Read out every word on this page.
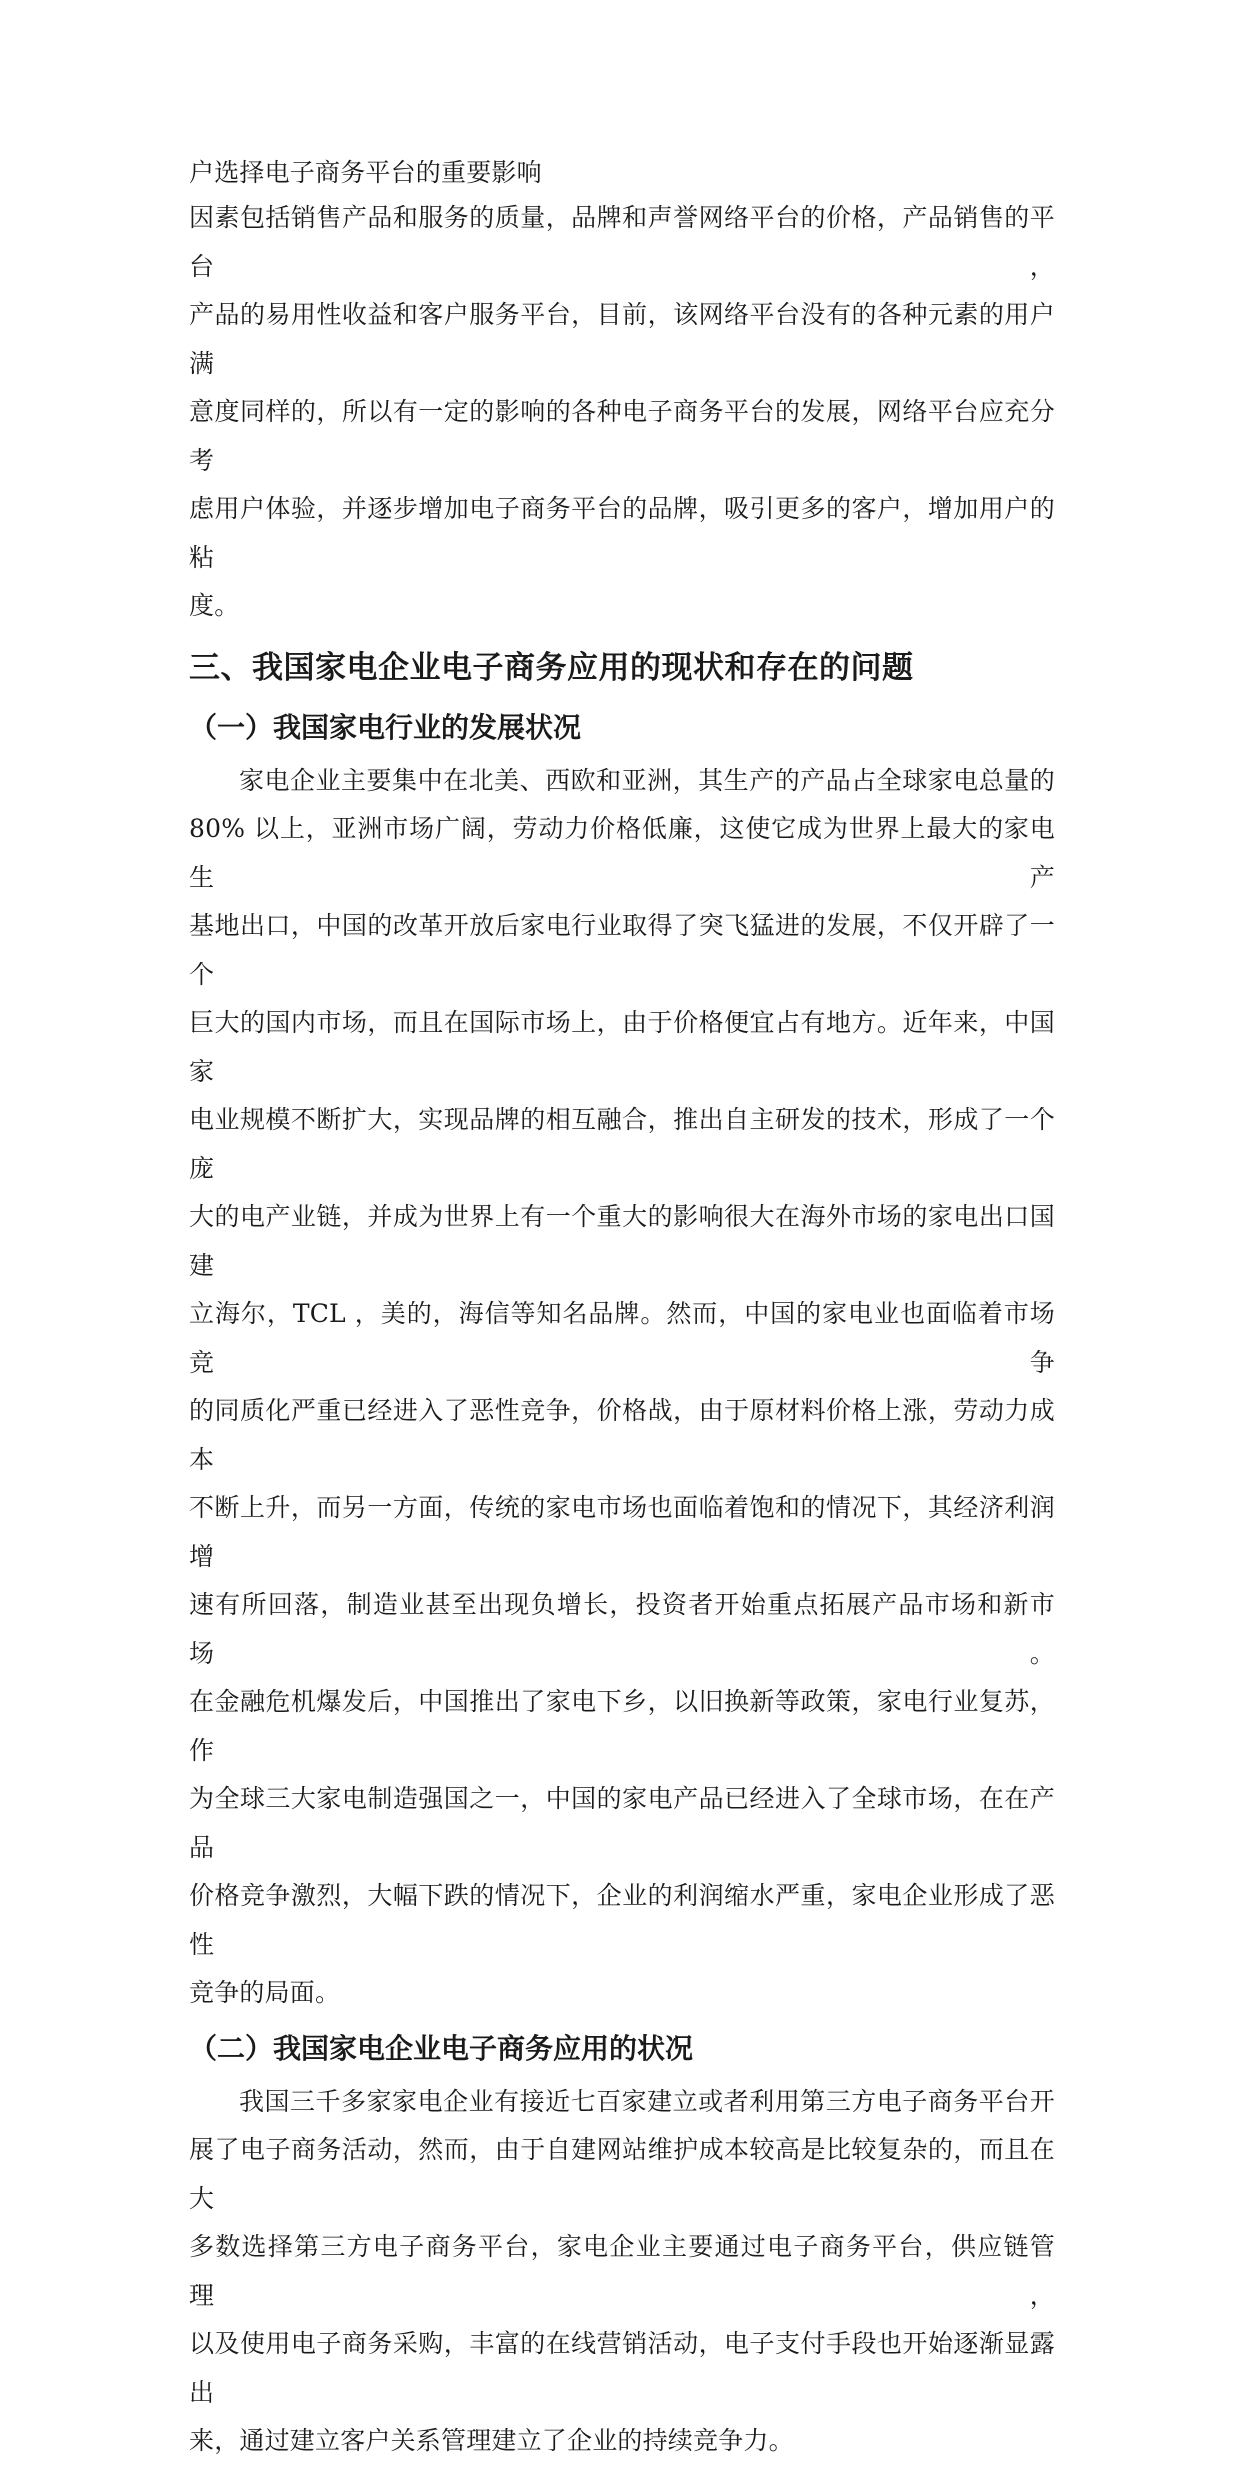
户选择电子商务平台的重要影响
因素包括销售产品和服务的质量，品牌和声誉网络平台的价格，产品销售的平台，
产品的易用性收益和客户服务平台，目前，该网络平台没有的各种元素的用户满
意度同样的，所以有一定的影响的各种电子商务平台的发展，网络平台应充分考
虑用户体验，并逐步增加电子商务平台的品牌，吸引更多的客户，增加用户的粘
度。
三、我国家电企业电子商务应用的现状和存在的问题
（一）我国家电行业的发展状况
家电企业主要集中在北美、西欧和亚洲，其生产的产品占全球家电总量的
80% 以上，亚洲市场广阔，劳动力价格低廉，这使它成为世界上最大的家电生产
基地出口，中国的改革开放后家电行业取得了突飞猛进的发展，不仅开辟了一个
巨大的国内市场，而且在国际市场上，由于价格便宜占有地方。近年来，中国家
电业规模不断扩大，实现品牌的相互融合，推出自主研发的技术，形成了一个庞
大的电产业链，并成为世界上有一个重大的影响很大在海外市场的家电出口国建
立海尔，TCL ，美的，海信等知名品牌。然而，中国的家电业也面临着市场竞争
的同质化严重已经进入了恶性竞争，价格战，由于原材料价格上涨，劳动力成本
不断上升，而另一方面，传统的家电市场也面临着饱和的情况下，其经济利润增
速有所回落，制造业甚至出现负增长，投资者开始重点拓展产品市场和新市场。
在金融危机爆发后，中国推出了家电下乡，以旧换新等政策，家电行业复苏，作
为全球三大家电制造强国之一，中国的家电产品已经进入了全球市场，在在产品
价格竞争激烈，大幅下跌的情况下，企业的利润缩水严重，家电企业形成了恶性
竞争的局面。
（二）我国家电企业电子商务应用的状况
我国三千多家家电企业有接近七百家建立或者利用第三方电子商务平台开
展了电子商务活动，然而，由于自建网站维护成本较高是比较复杂的，而且在大
多数选择第三方电子商务平台，家电企业主要通过电子商务平台，供应链管理，
以及使用电子商务采购，丰富的在线营销活动，电子支付手段也开始逐渐显露出
来，通过建立客户关系管理建立了企业的持续竞争力。
